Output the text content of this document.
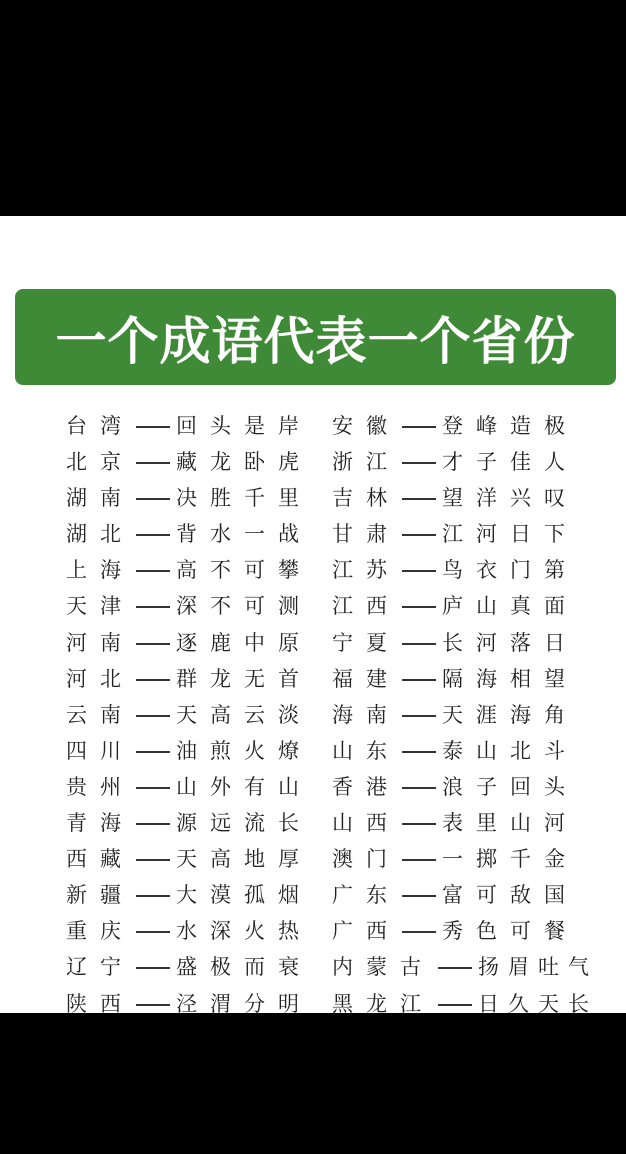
一个成语代表一个省份
台湾 回头是岸 安徽 登峰造极
北京 藏龙卧虎 浙江 才子佳人
湖南 决胜千里 吉林 望洋兴叹
湖北 背水一战 甘肃 江河日下
上海 高不可攀 江苏 鸟衣门第
天津 深不可测 江西 庐山真面
河南 逐鹿中原 宁夏 长河落日
河北 群龙无首 福建 隔海相望
云南 天高云淡 海南 天涯海角
四川 油煎火燎 山东 泰山北斗
贵州 山外有山 香港 浪子回头
青海 源远流长 山西 表里山河
西藏 天高地厚 澳门 一掷千金
新疆 大漠孤烟 广东 富可敌国
重庆 水深火热 广西 秀色可餐
辽宁 盛极而衰 内蒙古 扬眉吐气
陕西 泾渭分明 黑龙江 日久天长
